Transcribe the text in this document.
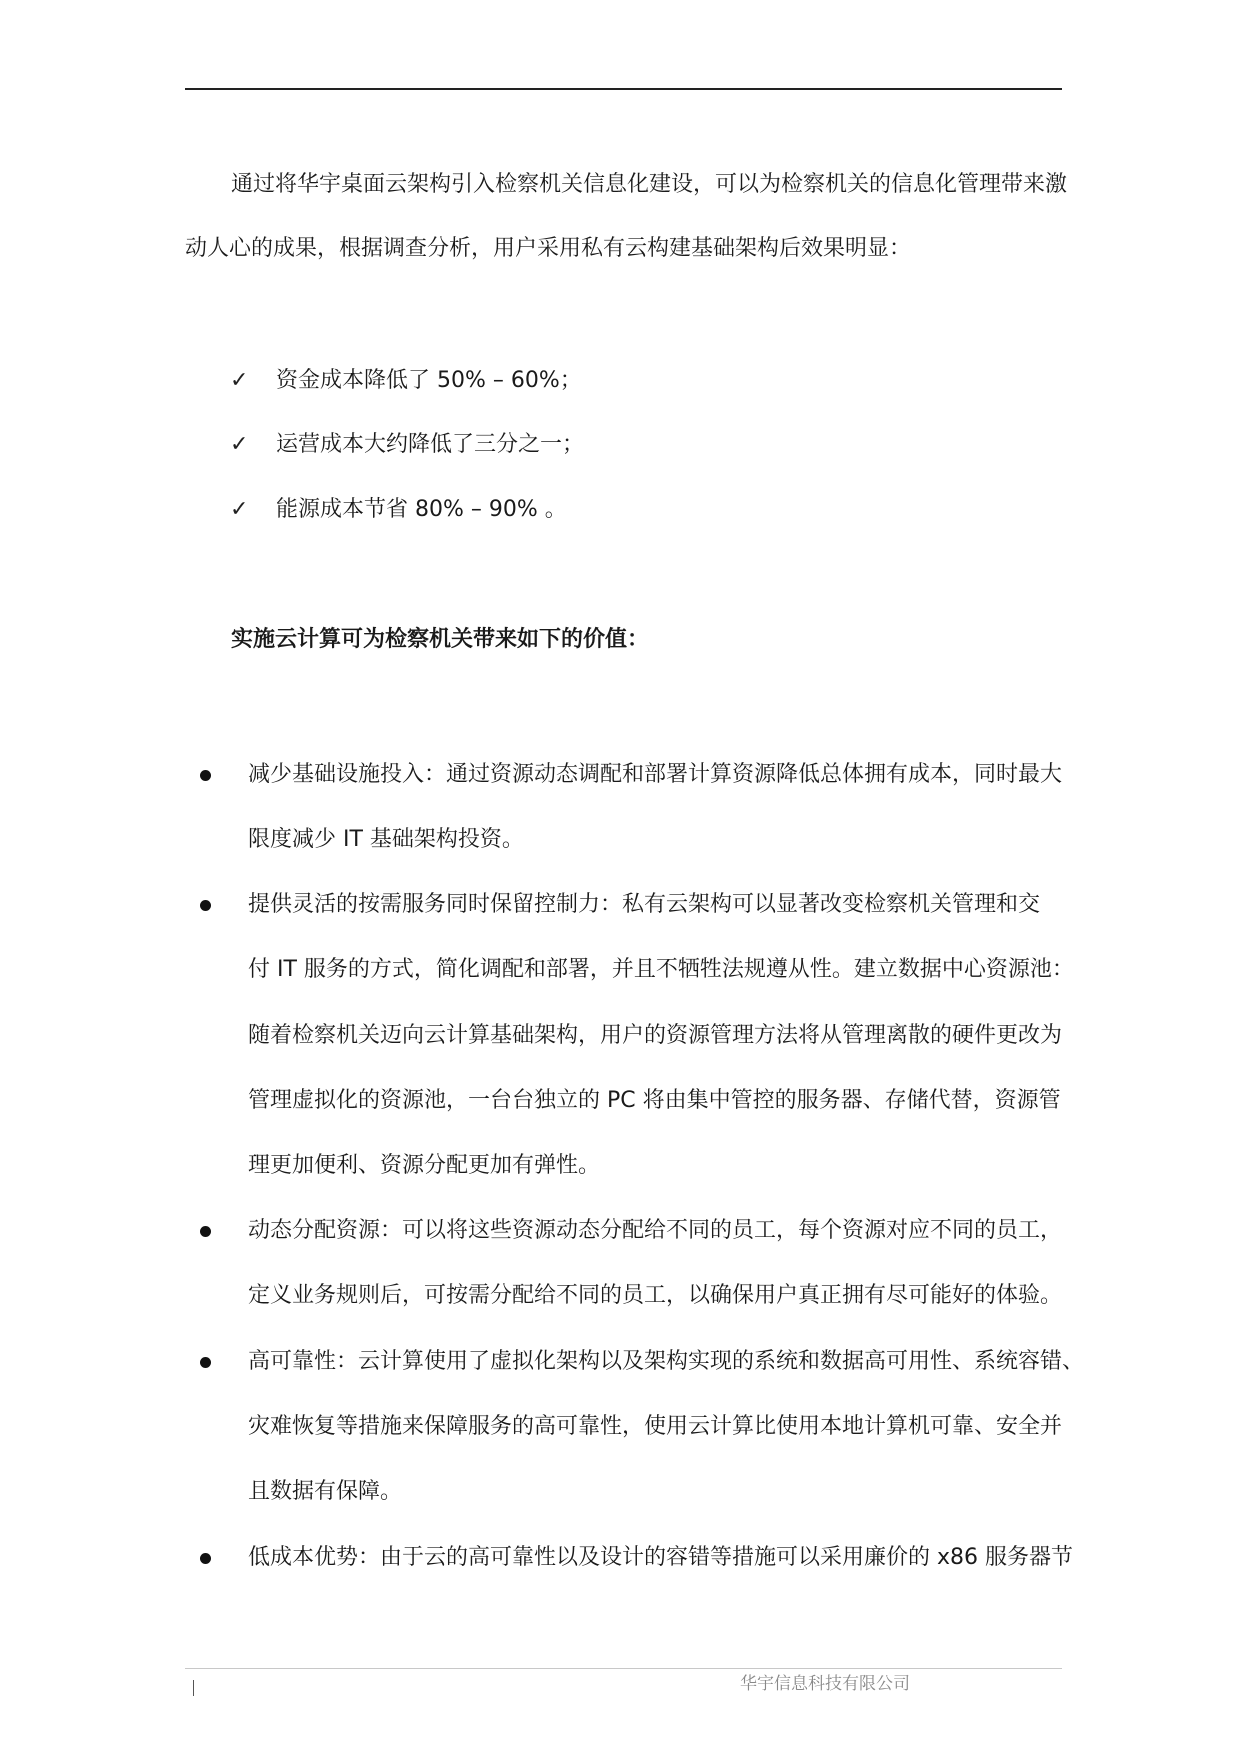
通过将华宇桌面云架构引入检察机关信息化建设，可以为检察机关的信息化管理带来激
动人心的成果，根据调查分析，用户采用私有云构建基础架构后效果明显：
✓ 资金成本降低了 50% – 60%；
✓ 运营成本大约降低了三分之一；
✓ 能源成本节省 80% – 90% 。
实施云计算可为检察机关带来如下的价值：
减少基础设施投入：通过资源动态调配和部署计算资源降低总体拥有成本，同时最大
限度减少 IT 基础架构投资。
提供灵活的按需服务同时保留控制力：私有云架构可以显著改变检察机关管理和交
付 IT 服务的方式，简化调配和部署，并且不牺牲法规遵从性。建立数据中心资源池：
随着检察机关迈向云计算基础架构，用户的资源管理方法将从管理离散的硬件更改为
管理虚拟化的资源池，一台台独立的 PC 将由集中管控的服务器、存储代替，资源管
理更加便利、资源分配更加有弹性。
动态分配资源：可以将这些资源动态分配给不同的员工，每个资源对应不同的员工，
定义业务规则后，可按需分配给不同的员工，以确保用户真正拥有尽可能好的体验。
高可靠性：云计算使用了虚拟化架构以及架构实现的系统和数据高可用性、系统容错、
灾难恢复等措施来保障服务的高可靠性，使用云计算比使用本地计算机可靠、安全并
且数据有保障。
低成本优势：由于云的高可靠性以及设计的容错等措施可以采用廉价的 x86 服务器节
华宇信息科技有限公司
